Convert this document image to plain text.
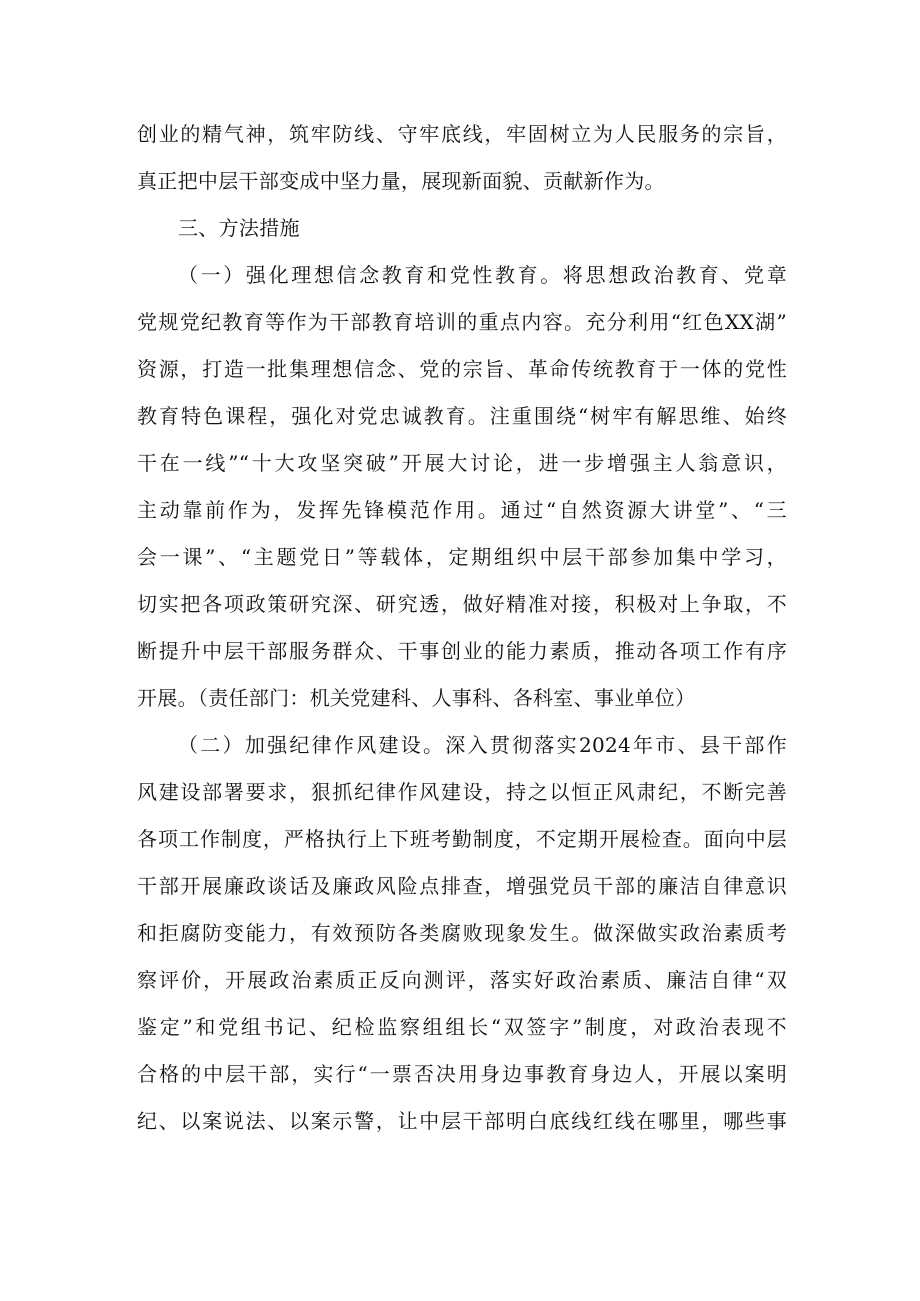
创业的精气神，筑牢防线、守牢底线，牢固树立为人民服务的宗旨，
真正把中层干部变成中坚力量，展现新面貌、贡献新作为。
三、方法措施
（一）强化理想信念教育和党性教育。将思想政治教育、党章
党规党纪教育等作为干部教育培训的重点内容。充分利用“红色XX湖”
资源，打造一批集理想信念、党的宗旨、革命传统教育于一体的党性
教育特色课程，强化对党忠诚教育。注重围绕“树牢有解思维、始终
干在一线”“十大攻坚突破”开展大讨论，进一步增强主人翁意识，
主动靠前作为，发挥先锋模范作用。通过“自然资源大讲堂”、“三
会一课”、“主题党日”等载体，定期组织中层干部参加集中学习，
切实把各项政策研究深、研究透，做好精准对接，积极对上争取，不
断提升中层干部服务群众、干事创业的能力素质，推动各项工作有序
开展。（责任部门：机关党建科、人事科、各科室、事业单位）
（二）加强纪律作风建设。深入贯彻落实2024年市、县干部作
风建设部署要求，狠抓纪律作风建设，持之以恒正风肃纪，不断完善
各项工作制度，严格执行上下班考勤制度，不定期开展检查。面向中层
干部开展廉政谈话及廉政风险点排查，增强党员干部的廉洁自律意识
和拒腐防变能力，有效预防各类腐败现象发生。做深做实政治素质考
察评价，开展政治素质正反向测评，落实好政治素质、廉洁自律“双
鉴定”和党组书记、纪检监察组组长“双签字”制度，对政治表现不
合格的中层干部，实行“一票否决用身边事教育身边人，开展以案明
纪、以案说法、以案示警，让中层干部明白底线红线在哪里，哪些事
